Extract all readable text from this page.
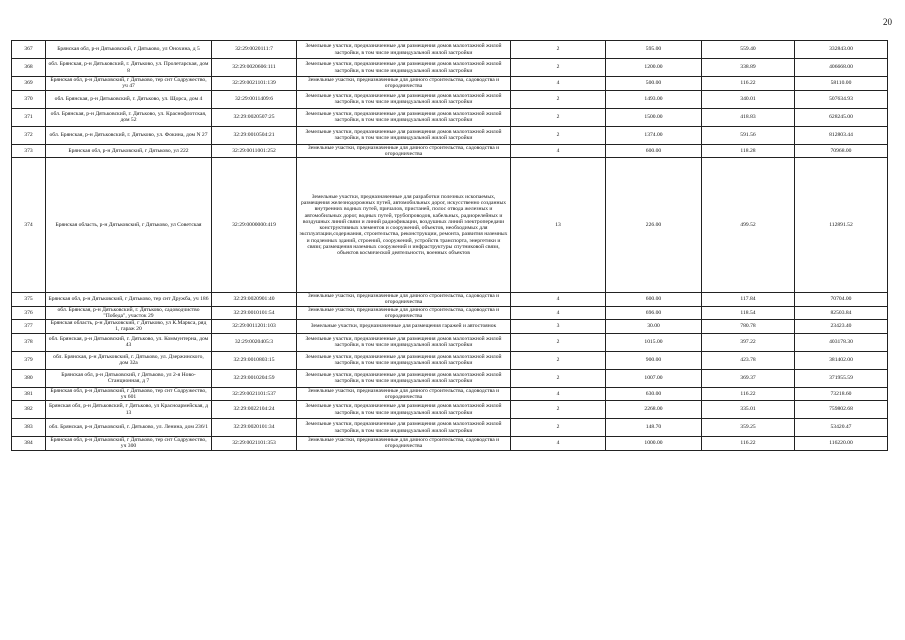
20
367	Брянская обл, р-н Дятьковский, г Дятьково, ул Онохина, д 5	32:29:0020111:7	Земельные участки, предназначенные для размещения домов малоэтажной жилой застройки, в том числе индивидуальной жилой застройки	2	595.00	559.40	332843.00
368	обл. Брянская, р-н Дятьковский, г. Дятьково, ул. Пролетарская, дом 8	32:29:0020606:111	Земельные участки, предназначенные для размещения домов малоэтажной жилой застройки, в том числе индивидуальной жилой застройки	2	1200.00	338.89	406668.00
369	Брянская обл, р-н Дятьковский, г Дятьково, тер снт Содружество, уч 47	32:29:0021101:139	Земельные участки, предназначенные для дачного строительства, садоводства и огородничества	4	500.00	116.22	58110.00
370	обл. Брянская, р-н Дятьковский, г. Дятьково, ул. Щорса, дом 4	32:29:0011409:6	Земельные участки, предназначенные для размещения домов малоэтажной жилой застройки, в том числе индивидуальной жилой застройки	2	1493.00	340.01	507634.93
371	обл. Брянская, р-н Дятьковский, г. Дятьково, ул. Краснофлотская, дом 52	32:29:0020507:25	Земельные участки, предназначенные для размещения домов малоэтажной жилой застройки, в том числе индивидуальной жилой застройки	2	1500.00	418.83	628245.00
372	обл. Брянская, р-н Дятьковский, г. Дятьково, ул. Фокина, дом N 27	32:29:0010504:21	Земельные участки, предназначенные для размещения домов малоэтажной жилой застройки, в том числе индивидуальной жилой застройки	2	1374.00	591.56	812803.44
373	Брянская обл, р-н Дятьковский, г Дятьково, ул 222	32:29:0011001:252	Земельные участки, предназначенные для дачного строительства, садоводства и огородничества	4	600.00	118.28	70968.00
374	Брянская область, р-н Дятьковский, г Дятьково, ул Советская	32:29:0000000:419	Земельные участки, предназначенные для разработки полезных ископаемых, размещения железнодорожных путей, автомобильных дорог, искусственно созданных внутренних водных путей, причалов, пристаней, полос отвода железных и автомобильных дорог, водных путей, трубопроводов, кабельных, радиорелейных и воздушных линий связи и линий радиофикации, воздушных линий электропередачи конструктивных элементов и сооружений, объектов, необходимых для эксплуатации,содержания, строительства, реконструкции, ремонта, развития наземных и подземных зданий, строений, сооружений, устройств транспорта, энергетики и связи; размещения наземных сооружений и инфраструктуры спутниковой связи, объектов космической деятельности, военных объектов	13	226.00	499.52	112891.52
375	Брянская обл, р-н Дятьковский, г Дятьково, тер снт Дружба, уч 186	32:29:0020901:40	Земельные участки, предназначенные для дачного строительства, садоводства и огородничества	4	600.00	117.84	70704.00
376	обл. Брянская, р-н Дятьковский, г. Дятьково, садоводчиство "Победа", участок 29	32:29:0010101:54	Земельные участки, предназначенные для дачного строительства, садоводства и огородничества	4	696.00	118.54	82503.84
377	Брянская область, р-н Дятьковский, г Дятьково, ул К.Маркса, ряд 1, гараж 20	32:29:0011201:103	Земельные участки, предназначенные для размещения гаражей и автостоянок	3	30.00	780.78	23423.40
378	обл. Брянская, р-н Дятьковский, г. Дятьково, ул. Коммунтерна, дом 43	32:29:0020405:3	Земельные участки, предназначенные для размещения домов малоэтажной жилой застройки, в том числе индивидуальной жилой застройки	2	1015.00	397.22	403178.30
379	обл. Брянская, р-н Дятьковский, г. Дятьково, ул. Дзержинского, дом 32а	32:29:0010803:15	Земельные участки, предназначенные для размещения домов малоэтажной жилой застройки, в том числе индивидуальной жилой застройки	2	900.00	423.78	381402.00
380	Брянская обл, р-н Дятьковский, г Дятьково, ул 2-я Ново-Станционная, д 7	32:29:0010204:59	Земельные участки, предназначенные для размещения домов малоэтажной жилой застройки, в том числе индивидуальной жилой застройки	2	1007.00	369.37	371955.59
381	Брянская обл, р-н Дятьковский, г Дятьково, тер снт Содружество, уч 601	32:29:0021101:537	Земельные участки, предназначенные для дачного строительства, садоводства и огородничества	4	630.00	116.22	73218.60
382	Брянская обл, р-н Дятьковский, г Дятьково, ул Красноармейская, д 13	32:29:0022104:24	Земельные участки, предназначенные для размещения домов малоэтажной жилой застройки, в том числе индивидуальной жилой застройки	2	2268.00	335.01	759802.68
383	обл. Брянская, р-н Дятьковский, г. Дятьково, ул. Ленина, дом 236/1	32:29:0020101:34	Земельные участки, предназначенные для размещения домов малоэтажной жилой застройки, в том числе индивидуальной жилой застройки	2	148.70	359.25	53420.47
384	Брянская обл, р-н Дятьковский, г Дятьково, тер снт Содружество, уч 300	32:29:0021101:353	Земельные участки, предназначенные для дачного строительства, садоводства и огородничества	4	1000.00	116.22	116220.00
